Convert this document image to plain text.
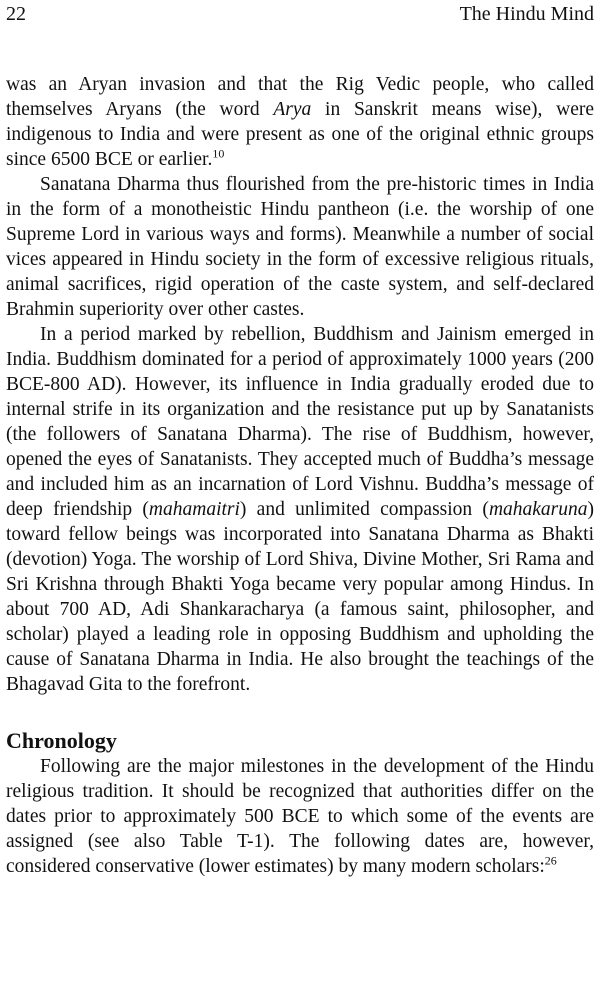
22	The Hindu Mind

was an Aryan invasion and that the Rig Vedic people, who called themselves Aryans (the word Arya in Sanskrit means wise), were indigenous to India and were present as one of the original ethnic groups since 6500 BCE or earlier.$^{10}$

Sanatana Dharma thus flourished from the pre-historic times in India in the form of a monotheistic Hindu pantheon (i.e. the worship of one Supreme Lord in various ways and forms). Meanwhile a number of social vices appeared in Hindu society in the form of excessive religious rituals, animal sacrifices, rigid operation of the caste system, and self-declared Brahmin superiority over other castes.

In a period marked by rebellion, Buddhism and Jainism emerged in India. Buddhism dominated for a period of approximately 1000 years (200 BCE-800 AD). However, its influence in India gradually eroded due to internal strife in its organization and the resistance put up by Sanatanists (the followers of Sanatana Dharma). The rise of Buddhism, however, opened the eyes of Sanatanists. They accepted much of Buddha’s message and included him as an incarnation of Lord Vishnu. Buddha’s message of deep friendship (mahamaitri) and unlimited compassion (mahakaruna) toward fellow beings was incorporated into Sanatana Dharma as Bhakti (devotion) Yoga. The worship of Lord Shiva, Divine Mother, Sri Rama and Sri Krishna through Bhakti Yoga became very popular among Hindus. In about 700 AD, Adi Shankaracharya (a famous saint, philosopher, and scholar) played a leading role in opposing Buddhism and upholding the cause of Sanatana Dharma in India. He also brought the teachings of the Bhagavad Gita to the forefront.

Chronology

Following are the major milestones in the development of the Hindu religious tradition. It should be recognized that authorities differ on the dates prior to approximately 500 BCE to which some of the events are assigned (see also Table T-1). The following dates are, however, considered conservative (lower estimates) by many modern scholars:$^{26}$
